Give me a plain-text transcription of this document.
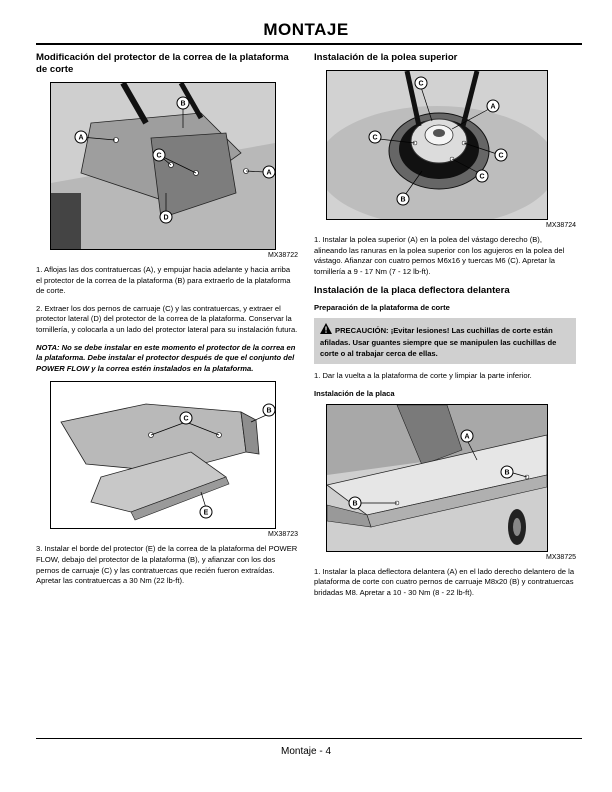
MONTAJE
Modificación del protector de la correa de la plataforma de corte
A
B
C
A
D
MX38722

1. Aflojas las dos contratuercas (A), y empujar hacia adelante y hacia arriba el protector de la correa de la plataforma (B) para extraerlo de la plataforma de corte.

2. Extraer los dos pernos de carruaje (C) y las contratuercas, y extraer el protector lateral (D) del protector de la correa de la plataforma. Conservar la tornillería, y colocarla a un lado del protector lateral para su instalación futura.

NOTA: No se debe instalar en este momento el protector de la correa en la plataforma. Debe instalar el protector después de que el conjunto del POWER FLOW y la correa estén instalados en la plataforma.

B
C
E
MX38723

3. Instalar el borde del protector (E) de la correa de la plataforma del POWER FLOW, debajo del protector de la plataforma (B), y afianzar con los dos pernos de carruaje (C) y las contratuercas que recién fueron extraídas. Apretar las contratuercas a 30 Nm (22 lb-ft).

Instalación de la polea superior
C
A
C
C
C
B
MX38724

1. Instalar la polea superior (A) en la polea del vástago derecho (B), alineando las ranuras en la polea superior con los agujeros en la polea del vástago. Afianzar con cuatro pernos M6x16 y tuercas M6 (C). Apretar la tornillería a 9 - 17 Nm (7 - 12 lb-ft).

Instalación de la placa deflectora delantera
Preparación de la plataforma de corte
PRECAUCIÓN: ¡Evitar lesiones! Las cuchillas de corte están afiladas. Usar guantes siempre que se manipulen las cuchillas de corte o al trabajar cerca de ellas.

1. Dar la vuelta a la plataforma de corte y limpiar la parte inferior.

Instalación de la placa
A
B
B
MX38725

1. Instalar la placa deflectora delantera (A) en el lado derecho delantero de la plataforma de corte con cuatro pernos de carruaje M8x20 (B) y contratuercas bridadas M8. Apretar a 10 - 30 Nm (8 - 22 lb-ft).

Montaje - 4
